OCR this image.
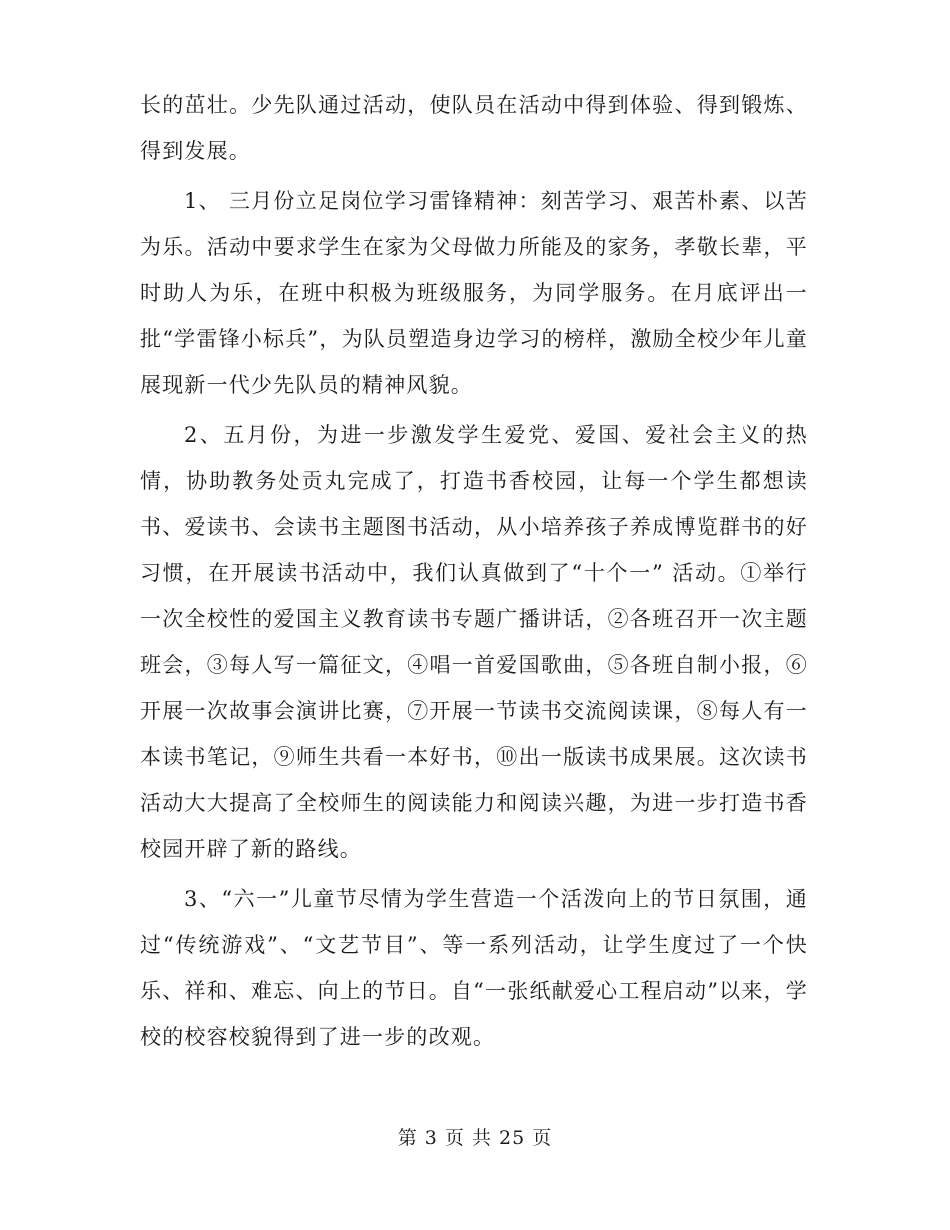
长的茁壮。少先队通过活动，使队员在活动中得到体验、得到锻炼、得到发展。

1、 三月份立足岗位学习雷锋精神：刻苦学习、艰苦朴素、以苦为乐。活动中要求学生在家为父母做力所能及的家务，孝敬长辈，平时助人为乐，在班中积极为班级服务，为同学服务。在月底评出一批“学雷锋小标兵”，为队员塑造身边学习的榜样，激励全校少年儿童展现新一代少先队员的精神风貌。

2、五月份，为进一步激发学生爱党、爱国、爱社会主义的热情，协助教务处贡丸完成了，打造书香校园，让每一个学生都想读书、爱读书、会读书主题图书活动，从小培养孩子养成博览群书的好习惯，在开展读书活动中，我们认真做到了“十个一” 活动。①举行一次全校性的爱国主义教育读书专题广播讲话，②各班召开一次主题班会，③每人写一篇征文，④唱一首爱国歌曲，⑤各班自制小报，⑥开展一次故事会演讲比赛，⑦开展一节读书交流阅读课，⑧每人有一本读书笔记，⑨师生共看一本好书，⑩出一版读书成果展。这次读书活动大大提高了全校师生的阅读能力和阅读兴趣，为进一步打造书香校园开辟了新的路线。

3、“六一”儿童节尽情为学生营造一个活泼向上的节日氛围，通过“传统游戏”、“文艺节目”、等一系列活动，让学生度过了一个快乐、祥和、难忘、向上的节日。自“一张纸献爱心工程启动”以来，学校的校容校貌得到了进一步的改观。

第 3 页 共 25 页
